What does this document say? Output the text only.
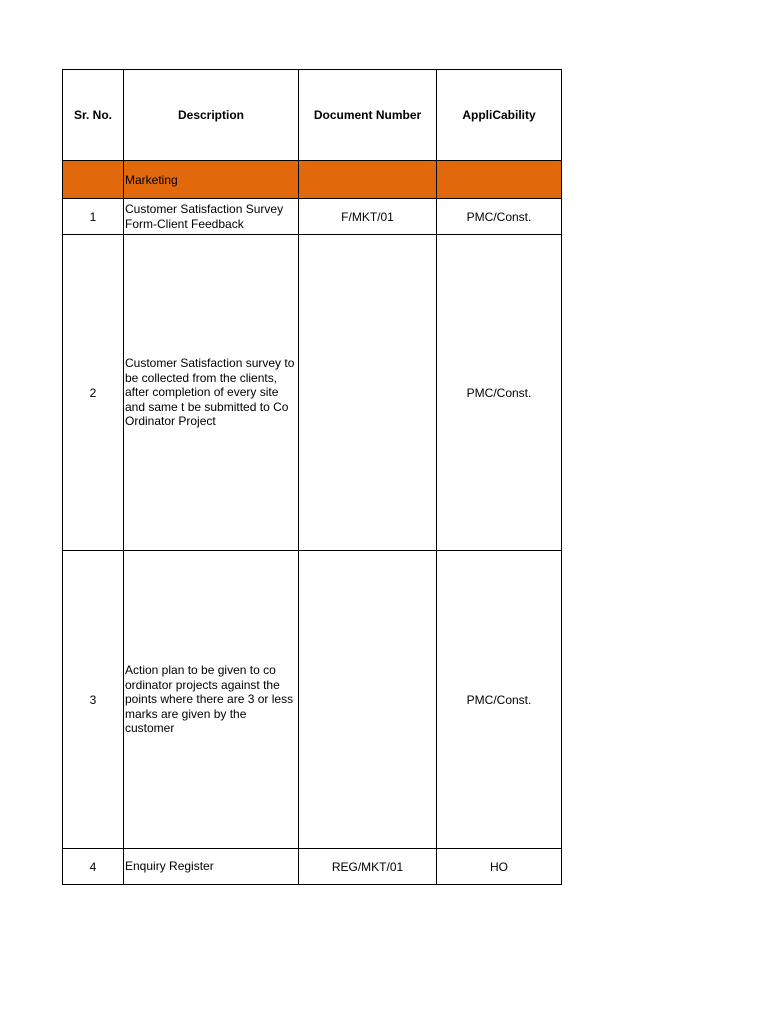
Sr. No.	Description	Document Number	AppliCability
	Marketing		
1	Customer Satisfaction Survey Form-Client Feedback	F/MKT/01	PMC/Const.
2	Customer Satisfaction survey to be collected from the clients, after completion of every site and same t be submitted to Co Ordinator Project		PMC/Const.
3	Action plan to be given to co ordinator projects against the points where there are 3 or less marks are given by the customer		PMC/Const.
4	Enquiry Register	REG/MKT/01	HO
